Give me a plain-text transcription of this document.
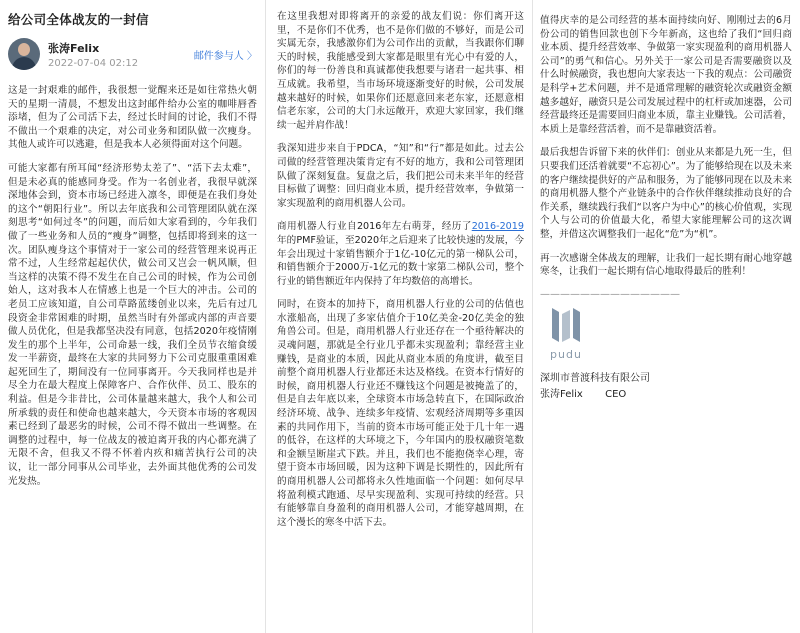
给公司全体战友的一封信
张涛Felix
2022-07-04 02:12
邮件参与人 〉

这是一封艰难的邮件，我很想一觉醒来还是如往常热火朝天的星期一清晨，不想发出这封邮件给办公室的咖啡唇香添堵，但为了公司活下去，经过长时间的讨论，我们不得不做出一个艰难的决定，对公司业务和团队做一次瘦身。其他人或许可以逃避，但是我本人必须得面对这个问题。

可能大家都有所耳闻“经济形势太差了”、“活下去太难”，但是未必真的能感同身受。作为一名创业者，我很早就深深地体会到，资本市场已经进入凛冬，即便是在我们身处的这个“朝阳行业”。所以去年底我和公司管理团队就在深刻思考“如何过冬”的问题，而后如大家看到的，今年我们做了一些业务和人员的“瘦身”调整，包括即将到来的这一次。团队瘦身这个事情对于一家公司的经营管理来说再正常不过，人生经常起起伏伏，做公司又岂会一帆风顺，但当这样的决策不得不发生在自己公司的时候，作为公司创始人，这对我本人在情感上也是一个巨大的冲击。公司的老员工应该知道，自公司草路蓝缕创业以来，先后有过几段资金非常困难的时期，虽然当时有外部或内部的声音要做人员优化，但是我都坚决没有同意，包括2020年疫情刚发生的那个上半年，公司命悬一线，我们全员节衣缩食缓发一半薪资，最终在大家的共同努力下公司克服重重困难起死回生了，期间没有一位同事离开。今天我同样也是并尽全力在最大程度上保障客户、合作伙伴、员工、股东的利益。但是今非昔比，公司体量越来越大，我个人和公司所承载的责任和使命也越来越大，今天资本市场的客观因素已经到了最恶劣的时候，公司不得不做出一些调整。在调整的过程中，每一位战友的被迫离开我的内心都充满了无限不舍，但我又不得不怀着内疚和痛苦执行公司的决议，让一部分同事从公司毕业，去外面其他优秀的公司发光发热。

在这里我想对即将离开的亲爱的战友们说：你们离开这里，不是你们不优秀，也不是你们做的不够好，而是公司实属无奈，我感激你们为公司作出的贡献，当我跟你们聊天的时候，我能感受到大家都是眼里有光心中有爱的人，你们的每一份善良和真诚都使我想要与诸君一起共事、相互成就。我希望，当市场环境逐渐变好的时候，公司发展越来越好的时候，如果你们还愿意回来老东家，还愿意相信老东家，公司的大门永远敞开，欢迎大家回家，我们继续一起并肩作战！

我深知进步来自于PDCA，“知”和“行”都是如此。过去公司做的经营管理决策肯定有不好的地方，我和公司管理团队做了深刻复盘。复盘之后，我们把公司未来半年的经营目标做了调整：回归商业本质，提升经营效率，争做第一家实现盈利的商用机器人公司。

商用机器人行业自2016年左右萌芽，经历了2016-2019年的PMF验证，至2020年之后迎来了比较快速的发展，今年会出现过十家销售额介于1亿-10亿元的第一梯队公司，和销售额介于2000万-1亿元的数十家第二梯队公司，整个行业的销售额近年内保持了年均数倍的高增长。

同时，在资本的加持下，商用机器人行业的公司的估值也水涨船高，出现了多家估值介于10亿美金-20亿美金的独角兽公司。但是，商用机器人行业还存在一个亟待解决的灵魂问题，那就是全行业几乎都未实现盈利；靠经营主业赚钱，是商业的本质，因此从商业本质的角度讲，截至目前整个商用机器人行业都还未达及格线。在资本行情好的时候，商用机器人行业还不赚钱这个问题是被掩盖了的，但是自去年底以来，全球资本市场急转直下，在国际政治经济环境、战争、连续多年疫情、宏观经济周期等多重因素的共同作用下，当前的资本市场可能正处于几十年一遇的低谷，在这样的大环境之下，今年国内的股权融资笔数和金额呈断崖式下跌。并且，我们也不能抱侥幸心理，寄望于资本市场回暖，因为这种下调是长期性的，因此所有的商用机器人公司都将永久性地面临一个问题：如何尽早将盈利模式跑通、尽早实现盈利、实现可持续的经营。只有能够靠自身盈利的商用机器人公司，才能穿越周期，在这个漫长的寒冬中活下去。

值得庆幸的是公司经营的基本面持续向好、刚刚过去的6月份公司的销售回款也创下今年新高，这也给了我们“回归商业本质、提升经营效率、争做第一家实现盈利的商用机器人公司”的勇气和信心。另外关于一家公司是否需要融资以及什么时候融资，我也想向大家表达一下我的观点：公司融资是科学+艺术问题，并不是通常理解的融资轮次或融资金额越多越好，融资只是公司发展过程中的杠杆或加速器，公司经营最终还是需要回归商业本质，靠主业赚钱。公司活着，本质上是靠经营活着，而不是靠融资活着。

最后我想告诉留下来的伙伴们：创业从来都是九死一生，但只要我们还活着就要“不忘初心”。为了能够给现在以及未来的客户继续提供好的产品和服务，为了能够同现在以及未来的商用机器人整个产业链条中的合作伙伴继续推动良好的合作关系，继续践行我们“以客户为中心”的核心价值观，实现个人与公司的价值最大化，希望大家能理解公司的这次调整，并借这次调整我们一起化“危”为“机”。

再一次感谢全体战友的理解，让我们一起长期有耐心地穿越寒冬，让我们一起长期有信心地取得最后的胜利！

——————————————
pudu
深圳市普渡科技有限公司
张涛Felix CEO
